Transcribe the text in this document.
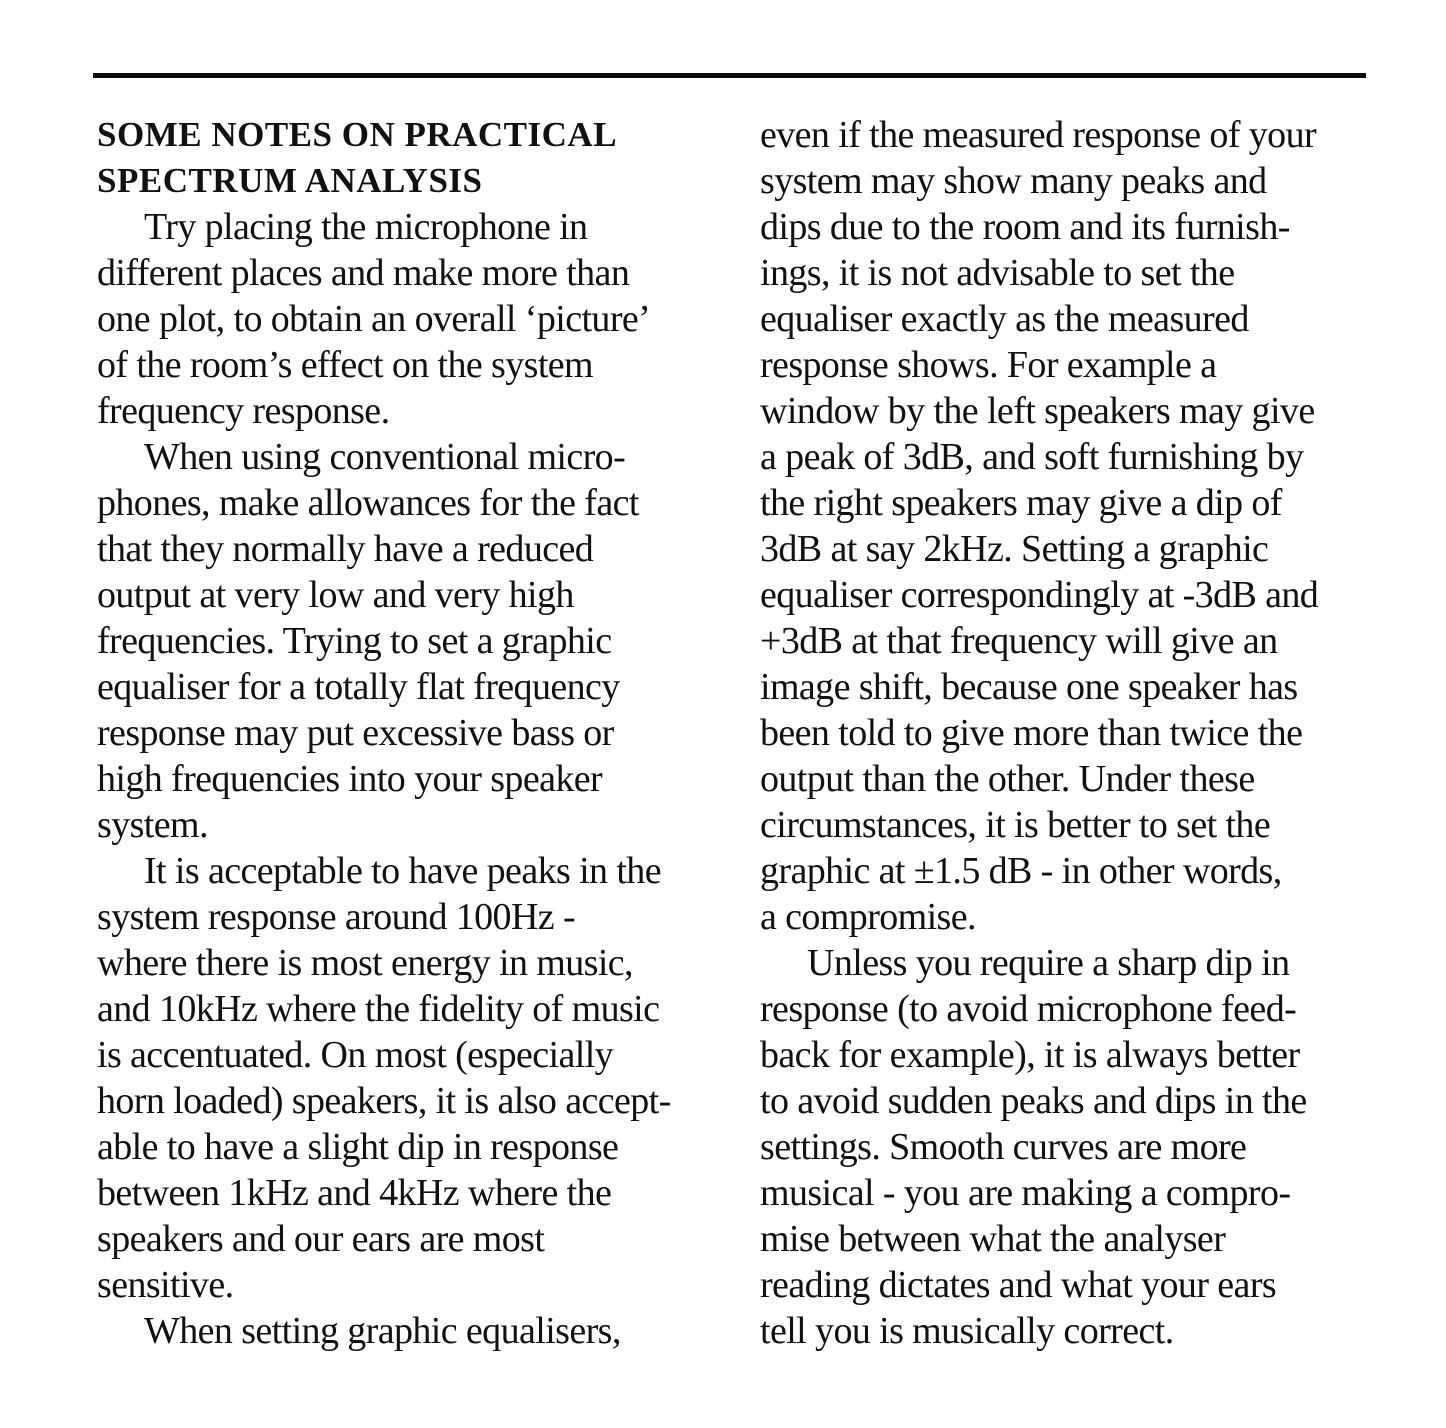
SOME NOTES ON PRACTICAL
SPECTRUM ANALYSIS
Try placing the microphone in
different places and make more than
one plot, to obtain an overall ‘picture’
of the room’s effect on the system
frequency response.
When using conventional micro-
phones, make allowances for the fact
that they normally have a reduced
output at very low and very high
frequencies. Trying to set a graphic
equaliser for a totally flat frequency
response may put excessive bass or
high frequencies into your speaker
system.
It is acceptable to have peaks in the
system response around 100Hz -
where there is most energy in music,
and 10kHz where the fidelity of music
is accentuated. On most (especially
horn loaded) speakers, it is also accept-
able to have a slight dip in response
between 1kHz and 4kHz where the
speakers and our ears are most
sensitive.
When setting graphic equalisers,
even if the measured response of your
system may show many peaks and
dips due to the room and its furnish-
ings, it is not advisable to set the
equaliser exactly as the measured
response shows. For example a
window by the left speakers may give
a peak of 3dB, and soft furnishing by
the right speakers may give a dip of
3dB at say 2kHz. Setting a graphic
equaliser correspondingly at -3dB and
+3dB at that frequency will give an
image shift, because one speaker has
been told to give more than twice the
output than the other. Under these
circumstances, it is better to set the
graphic at ±1.5 dB - in other words,
a compromise.
Unless you require a sharp dip in
response (to avoid microphone feed-
back for example), it is always better
to avoid sudden peaks and dips in the
settings. Smooth curves are more
musical - you are making a compro-
mise between what the analyser
reading dictates and what your ears
tell you is musically correct.
